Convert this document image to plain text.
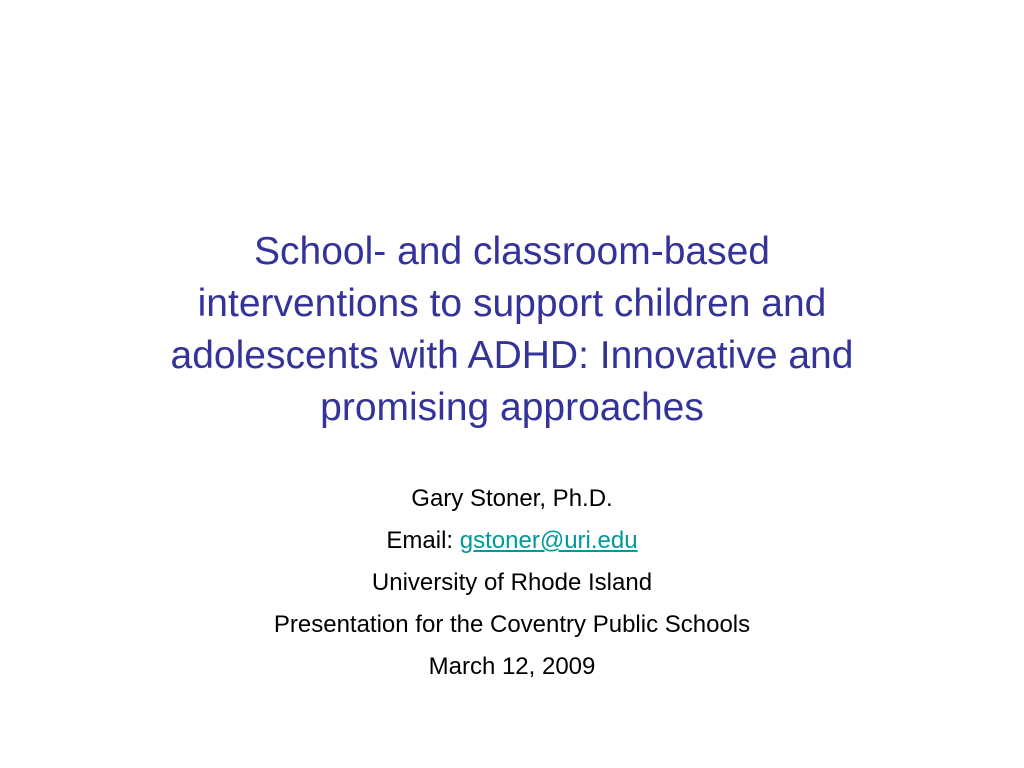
School- and classroom-based
interventions to support children and
adolescents with ADHD: Innovative and
promising approaches
Gary Stoner, Ph.D.
Email: gstoner@uri.edu
University of Rhode Island
Presentation for the Coventry Public Schools
March 12, 2009
